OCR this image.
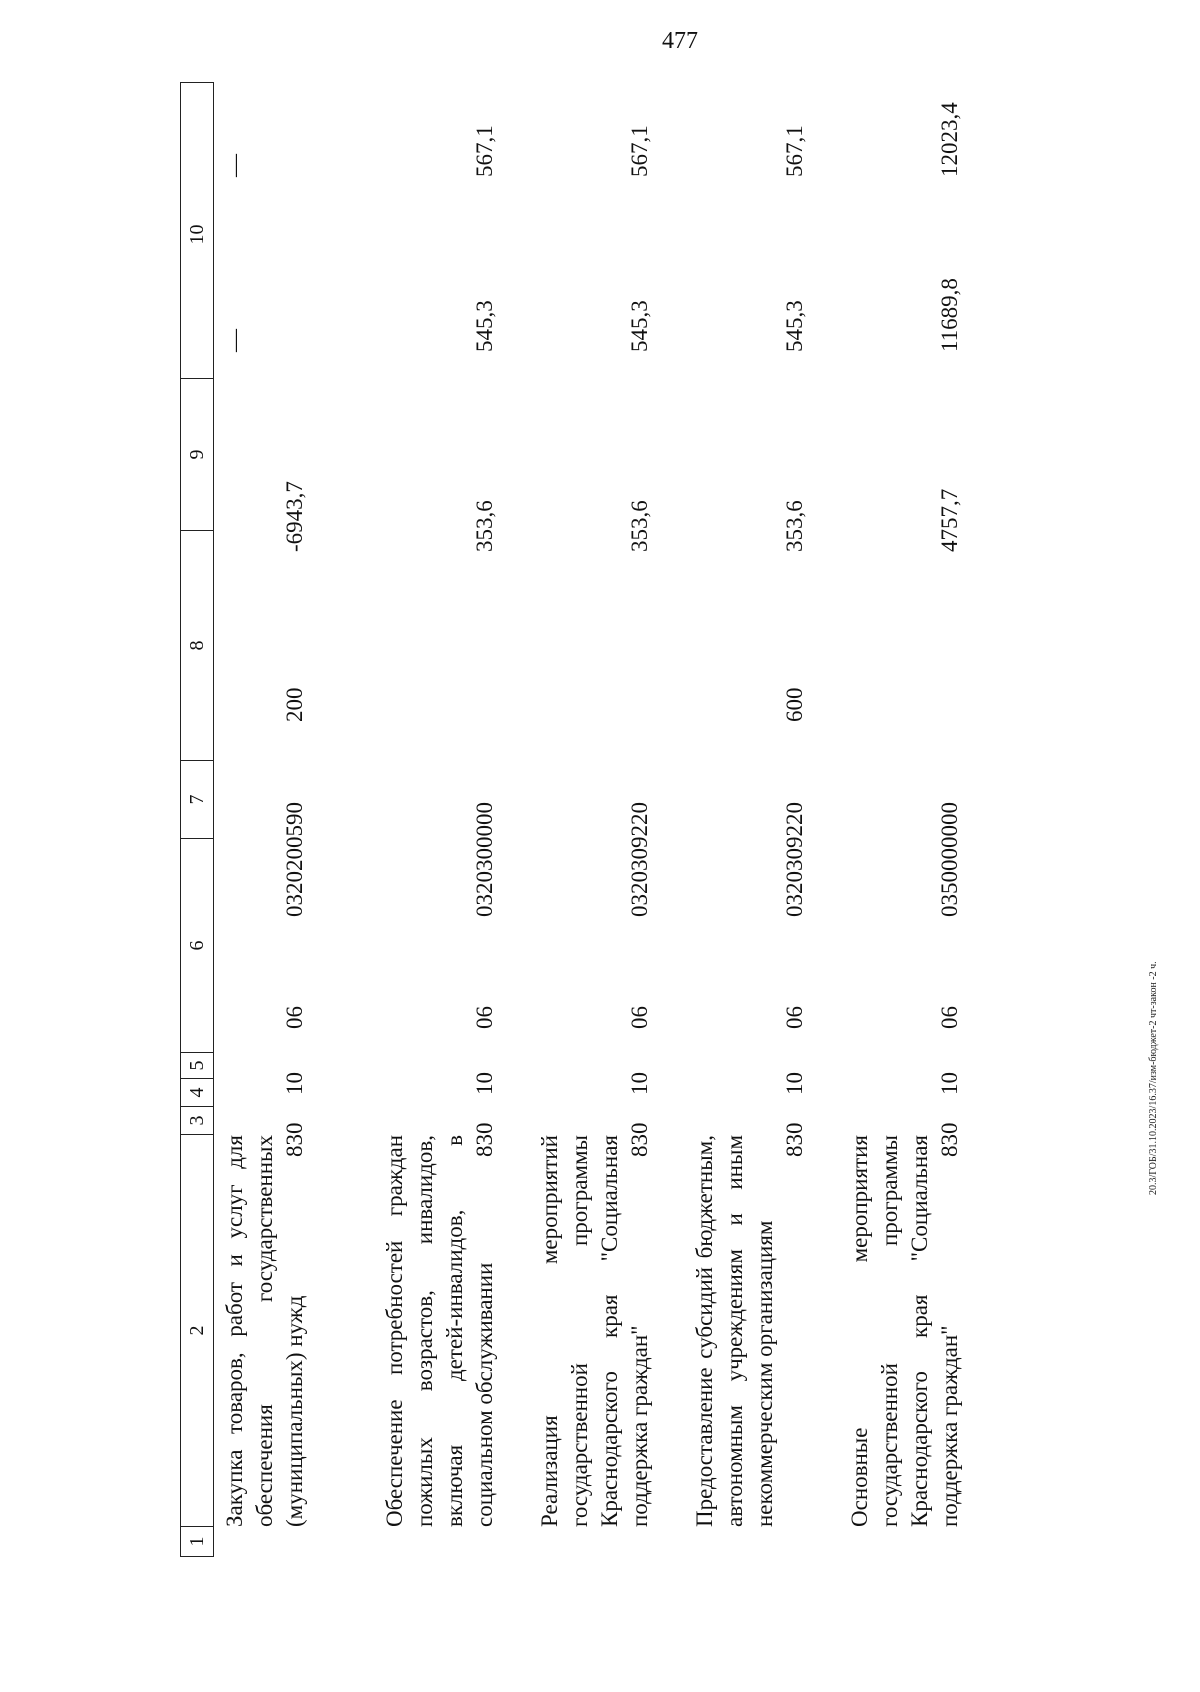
477
20.3/ГОБ/31.10.2023/16.37/изм-бюджет-2 чт-закон -2 ч.
1
2
3
4
5
6
7
8
9
10
Закупка товаров, работ и услуг для обеспечения государственных (муниципальных) нужд
830
10
06
0320200590
200
-6943,7
—
—
Обеспечение потребностей граждан пожилых возрастов, инвалидов, включая детей-инвалидов, в социальном обслуживании
830
10
06
0320300000
353,6
545,3
567,1
Реализация мероприятий государственной программы Краснодарского края "Социальная поддержка граждан"
830
10
06
0320309220
353,6
545,3
567,1
Предоставление субсидий бюджетным, автономным учреждениям и иным некоммерческим организациям
830
10
06
0320309220
600
353,6
545,3
567,1
Основные мероприятия государственной программы Краснодарского края "Социальная поддержка граждан"
830
10
06
0350000000
4757,7
11689,8
12023,4
